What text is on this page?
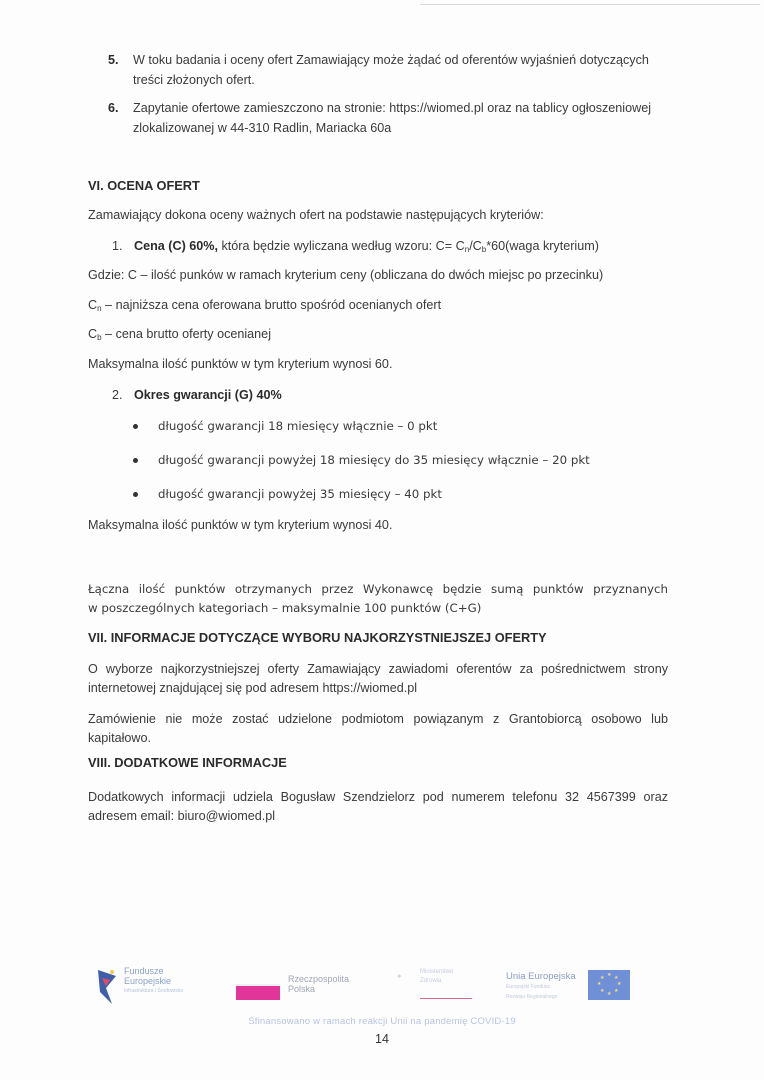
5. W toku badania i oceny ofert Zamawiający może żądać od oferentów wyjaśnień dotyczących treści złożonych ofert.

6. Zapytanie ofertowe zamieszczono na stronie: https://wiomed.pl oraz na tablicy ogłoszeniowej zlokalizowanej w 44-310 Radlin, Mariacka 60a

VI. OCENA OFERT

Zamawiający dokona oceny ważnych ofert na podstawie następujących kryteriów:

1. Cena (C) 60%, która będzie wyliczana według wzoru: $C= C_n/C_b*60(waga$ kryterium)

Gdzie: C – ilość punków w ramach kryterium ceny (obliczana do dwóch miejsc po przecinku)

$C_n$ – najniższa cena oferowana brutto spośród ocenianych ofert

$C_b$ – cena brutto oferty ocenianej

Maksymalna ilość punktów w tym kryterium wynosi 60.

2. Okres gwarancji (G) 40%

długość gwarancji 18 miesięcy włącznie – 0 pkt

długość gwarancji powyżej 18 miesięcy do 35 miesięcy włącznie – 20 pkt

długość gwarancji powyżej 35 miesięcy – 40 pkt

Maksymalna ilość punktów w tym kryterium wynosi 40.

Łączna ilość punktów otrzymanych przez Wykonawcę będzie sumą punktów przyznanych

w poszczególnych kategoriach – maksymalnie 100 punktów (C+G)

VII. INFORMACJE DOTYCZĄCE WYBORU NAJKORZYSTNIEJSZEJ OFERTY

O wyborze najkorzystniejszej oferty Zamawiający zawiadomi oferentów za pośrednictwem strony

internetowej znajdującej się pod adresem https://wiomed.pl

Zamówienie nie może zostać udzielone podmiotom powiązanym z Grantobiorcą osobowo lub

kapitałowo.

VIII. DODATKOWE INFORMACJE

Dodatkowych informacji udziela Bogusław Szendzielorz pod numerem telefonu 32 4567399 oraz

adresem email: biuro@wiomed.pl

Fundusze
Europejskie
Infrastruktura i Środowisko
Rzeczpospolita
Polska
✦	Ministerstwo
Zdrowia	Unia Europejska
Europejski Fundusz
Rozwoju Regionalnego
★ ★
★
★
★
★
★
★
Sfinansowano w ramach reakcji Unii na pandemię COVID-19
14
